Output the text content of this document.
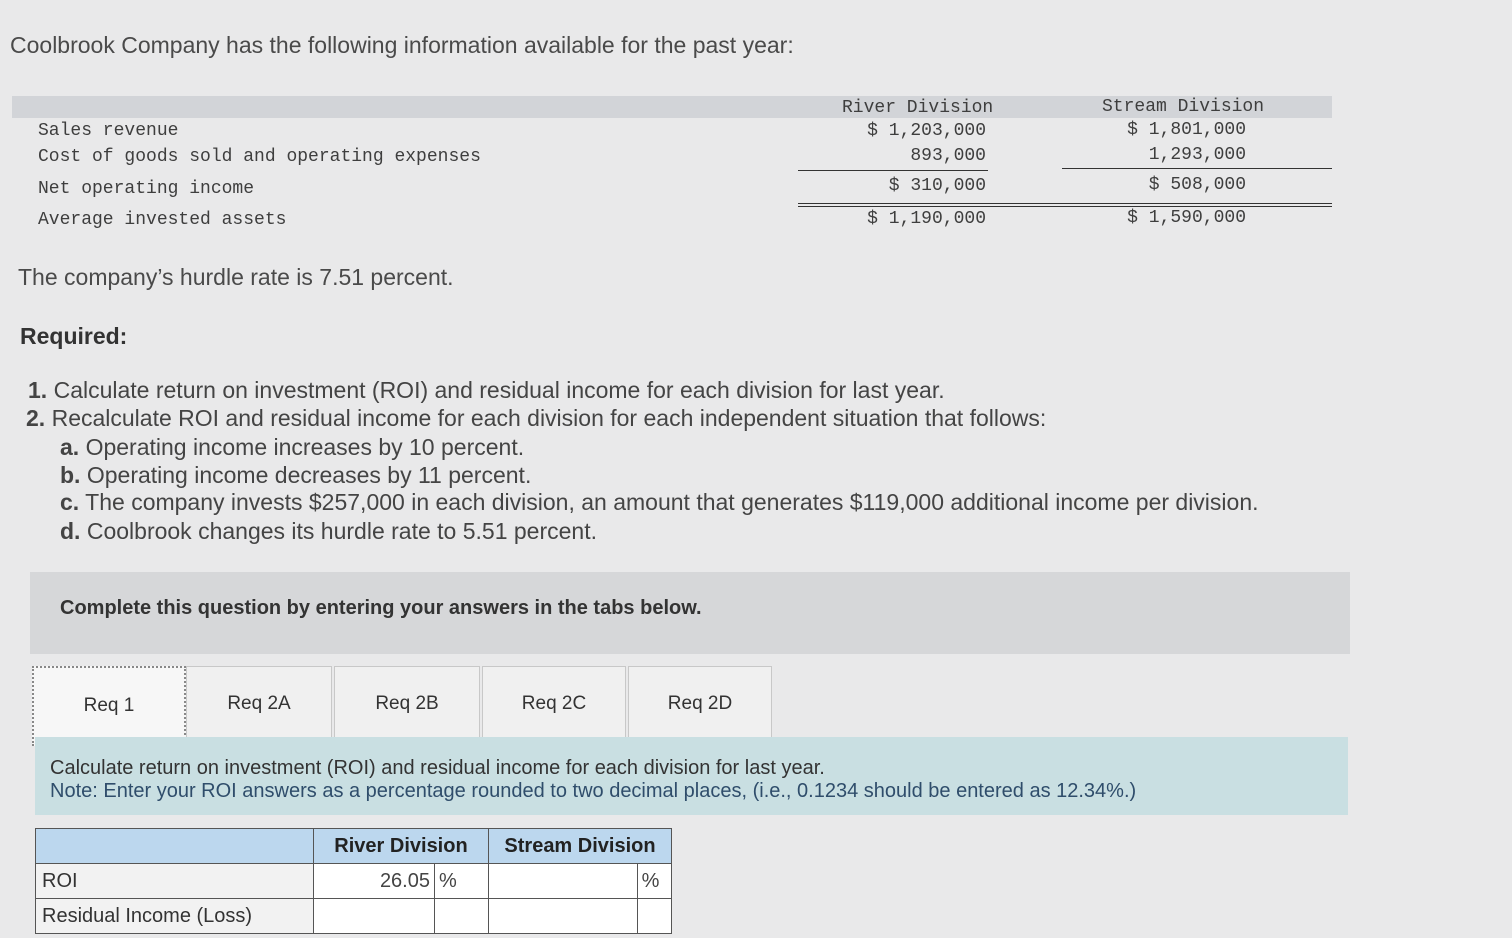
Coolbrook Company has the following information available for the past year:
River Division	Stream Division
Sales revenue	$ 1,203,000	$ 1,801,000
Cost of goods sold and operating expenses	893,000	1,293,000
Net operating income	$ 310,000	$ 508,000
Average invested assets	$ 1,190,000	$ 1,590,000
The company’s hurdle rate is 7.51 percent.
Required:
1. Calculate return on investment (ROI) and residual income for each division for last year.
2. Recalculate ROI and residual income for each division for each independent situation that follows:
a. Operating income increases by 10 percent.
b. Operating income decreases by 11 percent.
c. The company invests $257,000 in each division, an amount that generates $119,000 additional income per division.
d. Coolbrook changes its hurdle rate to 5.51 percent.
Complete this question by entering your answers in the tabs below.
Req 1	Req 2A	Req 2B	Req 2C	Req 2D
Calculate return on investment (ROI) and residual income for each division for last year.
Note: Enter your ROI answers as a percentage rounded to two decimal places, (i.e., 0.1234 should be entered as 12.34%.)
	River Division		Stream Division	
ROI	26.05	%		%
Residual Income (Loss)				
